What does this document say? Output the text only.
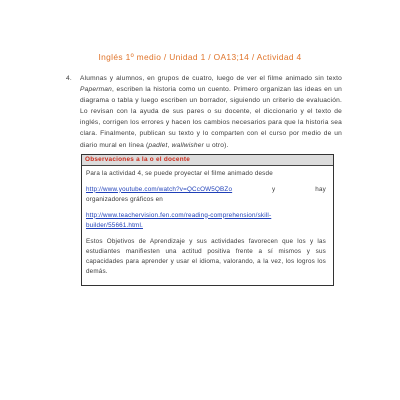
Inglés 1º medio / Unidad 1 / OA13;14 / Actividad 4
4.	Alumnas y alumnos, en grupos de cuatro, luego de ver el filme animado sin texto Paperman, escriben la historia como un cuento. Primero organizan las ideas en un diagrama o tabla y luego escriben un borrador, siguiendo un criterio de evaluación. Lo revisan con la ayuda de sus pares o su docente, el diccionario y el texto de inglés, corrigen los errores y hacen los cambios necesarios para que la historia sea clara. Finalmente, publican su texto y lo comparten con el curso por medio de un diario mural en línea (padlet, wallwisher u otro).
Observaciones a la o el docente

Para la actividad 4, se puede proyectar el filme animado desde

http://www.youtube.com/watch?v=QCcOW5QBZo	y	hay

organizadores gráficos en

http://www.teachervision.fen.com/reading-comprehension/skill-builder/55661.html.

Estos Objetivos de Aprendizaje y sus actividades favorecen que los y las estudiantes manifiesten una actitud positiva frente a sí mismos y sus capacidades para aprender y usar el idioma, valorando, a la vez, los logros los demás.
